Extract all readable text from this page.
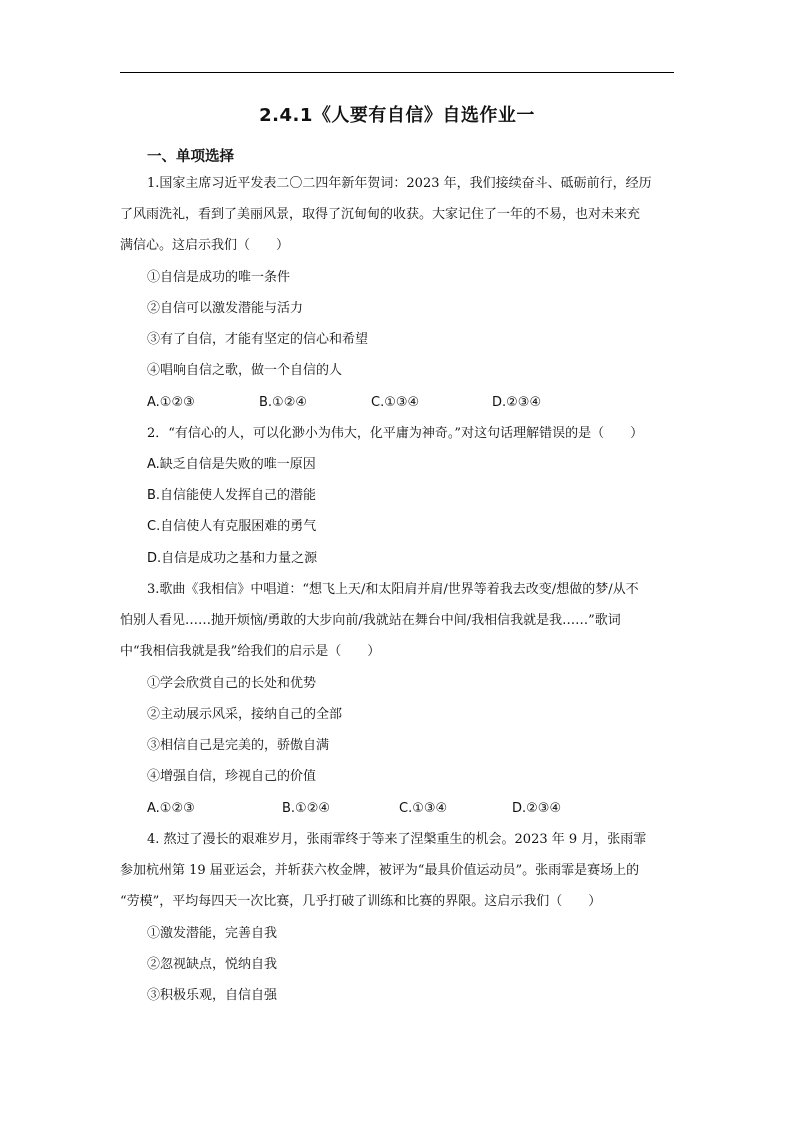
2.4.1《人要有自信》自选作业一
一、单项选择
1.国家主席习近平发表二〇二四年新年贺词：2023 年，我们接续奋斗、砥砺前行，经历
了风雨洗礼，看到了美丽风景，取得了沉甸甸的收获。大家记住了一年的不易，也对未来充
满信心。这启示我们（　　）
①自信是成功的唯一条件
②自信可以激发潜能与活力
③有了自信，才能有坚定的信心和希望
④唱响自信之歌，做一个自信的人
A.①②③	B.①②④	C.①③④	D.②③④
2．“有信心的人，可以化渺小为伟大，化平庸为神奇。”对这句话理解错误的是（　　）
A.缺乏自信是失败的唯一原因
B.自信能使人发挥自己的潜能
C.自信使人有克服困难的勇气
D.自信是成功之基和力量之源
3.歌曲《我相信》中唱道：“想飞上天/和太阳肩并肩/世界等着我去改变/想做的梦/从不
怕别人看见……抛开烦恼/勇敢的大步向前/我就站在舞台中间/我相信我就是我……”歌词
中“我相信我就是我”给我们的启示是（　　）
①学会欣赏自己的长处和优势
②主动展示风采，接纳自己的全部
③相信自己是完美的，骄傲自满
④增强自信，珍视自己的价值
A.①②③	B.①②④	C.①③④	D.②③④
4. 熬过了漫长的艰难岁月，张雨霏终于等来了涅槃重生的机会。2023 年 9 月，张雨霏
参加杭州第 19 届亚运会，并斩获六枚金牌，被评为“最具价值运动员”。张雨霏是赛场上的
“劳模”，平均每四天一次比赛，几乎打破了训练和比赛的界限。这启示我们（　　）
①激发潜能，完善自我
②忽视缺点，悦纳自我
③积极乐观，自信自强
